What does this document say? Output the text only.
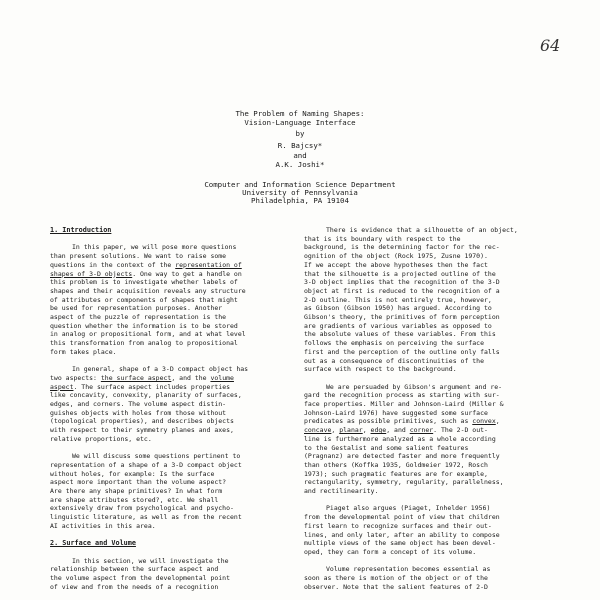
64
The Problem of Naming Shapes:
Vision-Language Interface
by
R. Bajcsy*
and
A.K. Joshi*
Computer and Information Science Department
University of Pennsylvania
Philadelphia, PA 19104
1. Introduction

In this paper, we will pose more questions
than present solutions. We want to raise some
questions in the context of the representation of
shapes of 3-D objects. One way to get a handle on
this problem is to investigate whether labels of
shapes and their acquisition reveals any structure
of attributes or components of shapes that might
be used for representation purposes. Another
aspect of the puzzle of representation is the
question whether the information is to be stored
in analog or propositional form, and at what level
this transformation from analog to propositional
form takes place.

In general, shape of a 3-D compact object has
two aspects: the surface aspect, and the volume
aspect. The surface aspect includes properties
like concavity, convexity, planarity of surfaces,
edges, and corners. The volume aspect distin-
guishes objects with holes from those without
(topological properties), and describes objects
with respect to their symmetry planes and axes,
relative proportions, etc.

We will discuss some questions pertinent to
representation of a shape of a 3-D compact object
without holes, for example: Is the surface
aspect more important than the volume aspect?
Are there any shape primitives? In what form
are shape attributes stored?, etc. We shall
extensively draw from psychological and psycho-
linguistic literature, as well as from the recent
AI activities in this area.

2. Surface and Volume

In this section, we will investigate the
relationship between the surface aspect and
the volume aspect from the developmental point
of view and from the needs of a recognition

There is evidence that a silhouette of an object,
that is its boundary with respect to the
background, is the determining factor for the rec-
ognition of the object (Rock 1975, Zusne 1970).
If we accept the above hypotheses then the fact
that the silhouette is a projected outline of the
3-D object implies that the recognition of the 3-D
object at first is reduced to the recognition of a
2-D outline. This is not entirely true, however,
as Gibson (Gibson 1950) has argued. According to
Gibson's theory, the primitives of form perception
are gradients of various variables as opposed to
the absolute values of these variables. From this
follows the emphasis on perceiving the surface
first and the perception of the outline only falls
out as a consequence of discontinuities of the
surface with respect to the background.

We are persuaded by Gibson's argument and re-
gard the recognition process as starting with sur-
face properties. Miller and Johnson-Laird (Miller &
Johnson-Laird 1976) have suggested some surface
predicates as possible primitives, such as convex,
concave, planar, edge, and corner. The 2-D out-
line is furthermore analyzed as a whole according
to the Gestalist and some salient features
(Pragnanz) are detected faster and more frequently
than others (Koffka 1935, Goldmeier 1972, Rosch
1973); such pragmatic features are for example,
rectangularity, symmetry, regularity, parallelness,
and rectilinearity.

Piaget also argues (Piaget, Inhelder 1956)
from the developmental point of view that children
first learn to recognize surfaces and their out-
lines, and only later, after an ability to compose
multiple views of the same object has been devel-
oped, they can form a concept of its volume.

Volume representation becomes essential as
soon as there is motion of the object or of the
observer. Note that the salient features of 2-D
